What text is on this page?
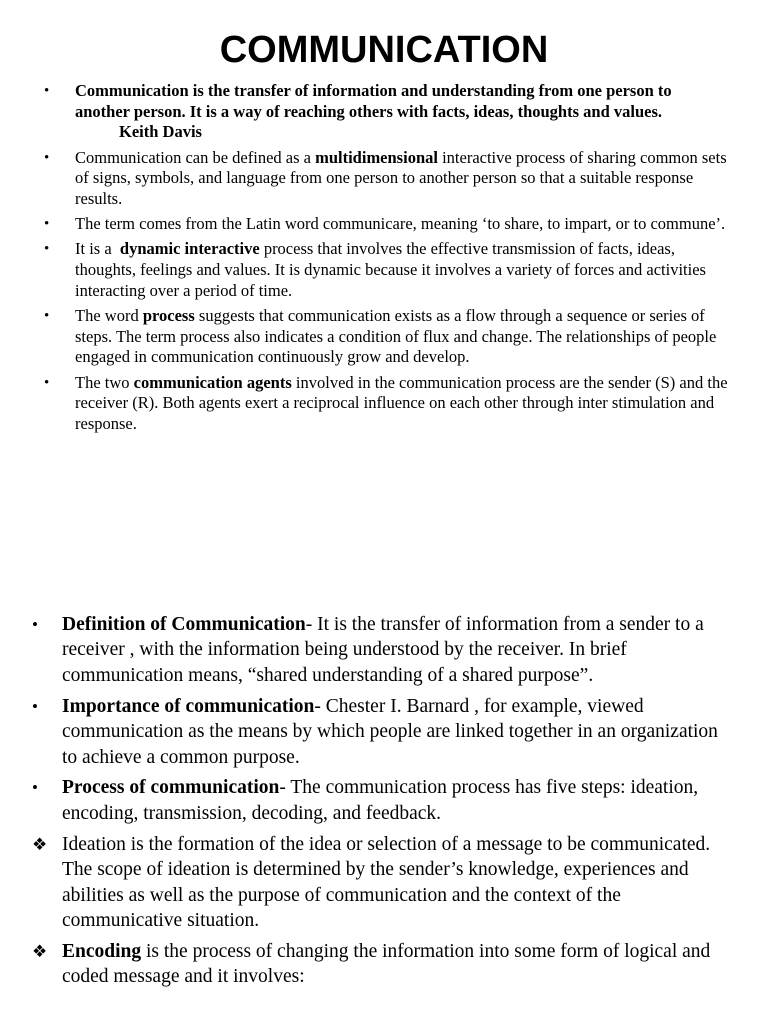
COMMUNICATION
• Communication is the transfer of information and understanding from one person to another person. It is a way of reaching others with facts, ideas, thoughts and values.
Keith Davis
• Communication can be defined as a multidimensional interactive process of sharing common sets of signs, symbols, and language from one person to another person so that a suitable response results.
• The term comes from the Latin word communicare, meaning ‘to share, to impart, or to commune’.
• It is a  dynamic interactive process that involves the effective transmission of facts, ideas, thoughts, feelings and values. It is dynamic because it involves a variety of forces and activities interacting over a period of time.
• The word process suggests that communication exists as a flow through a sequence or series of steps. The term process also indicates a condition of flux and change. The relationships of people engaged in communication continuously grow and develop.
• The two communication agents involved in the communication process are the sender (S) and the receiver (R). Both agents exert a reciprocal influence on each other through inter stimulation and response.
• Definition of Communication- It is the transfer of information from a sender to a receiver , with the information being understood by the receiver. In brief communication means, “shared understanding of a shared purpose”.
• Importance of communication- Chester I. Barnard , for example, viewed communication as the means by which people are linked together in an organization to achieve a common purpose.
• Process of communication- The communication process has five steps: ideation, encoding, transmission, decoding, and feedback.
❖ Ideation is the formation of the idea or selection of a message to be communicated. The scope of ideation is determined by the sender’s knowledge, experiences and abilities as well as the purpose of communication and the context of the communicative situation.
❖ Encoding is the process of changing the information into some form of logical and coded message and it involves:
